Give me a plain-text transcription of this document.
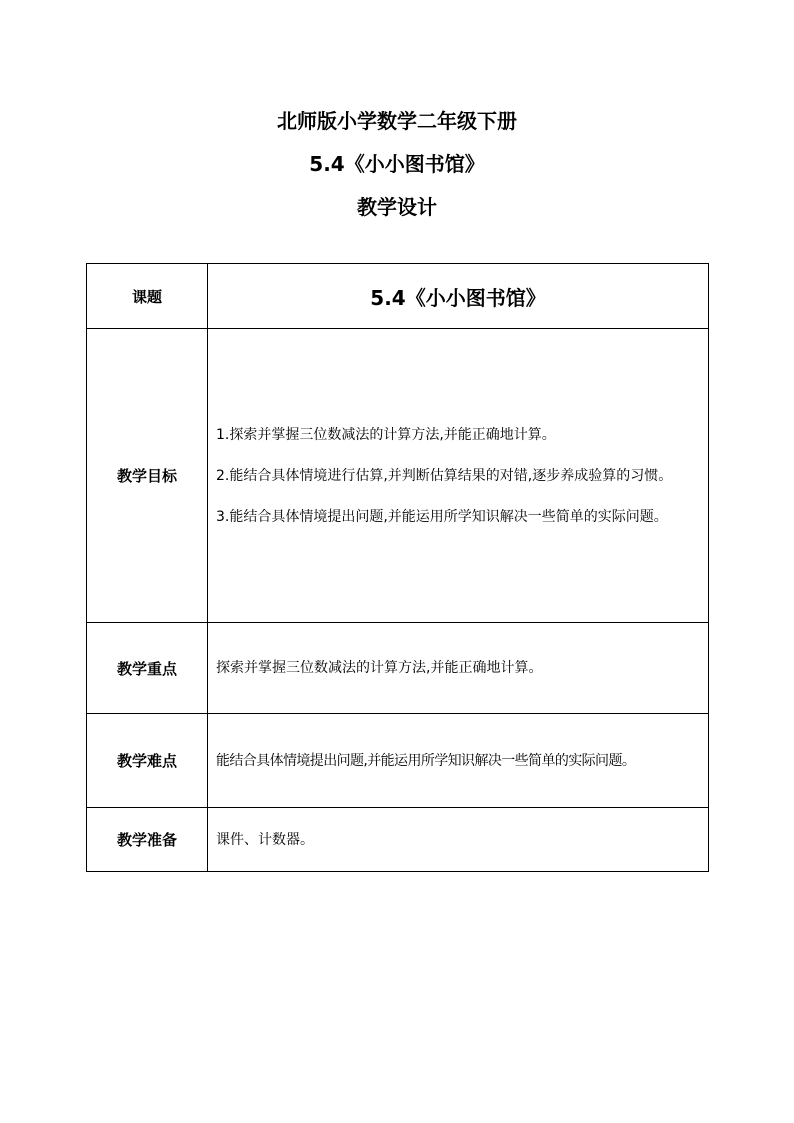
北师版小学数学二年级下册
5.4《小小图书馆》
教学设计
课题	5.4《小小图书馆》
教学目标	1.探索并掌握三位数减法的计算方法,并能正确地计算。
2.能结合具体情境进行估算,并判断估算结果的对错,逐步养成验算的习惯。
3.能结合具体情境提出问题,并能运用所学知识解决一些简单的实际问题。

教学重点	探索并掌握三位数减法的计算方法,并能正确地计算。

教学难点	能结合具体情境提出问题,并能运用所学知识解决一些简单的实际问题。

教学准备	课件、计数器。
